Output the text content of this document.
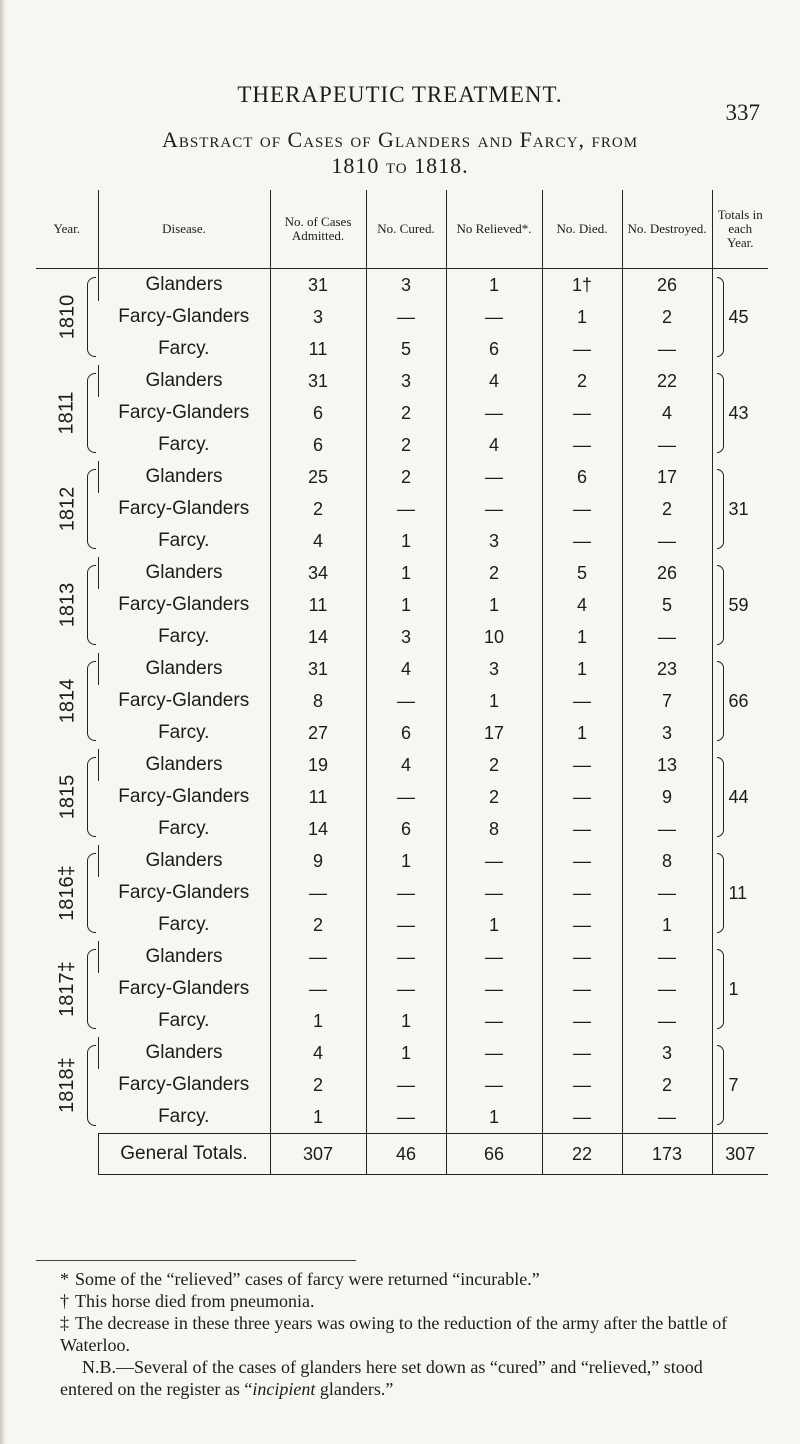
THERAPEUTIC TREATMENT.
337
Abstract of Cases of Glanders and Farcy, from
1810 to 1818.
Year.	Disease.	No. of Cases Admitted.	No. Cured.	No Relieved*.	No. Died.	No. Destroyed.	Totals in each Year.
1810	Glanders	31	3	1	1†	26	45

	Farcy-Glanders	3	—	—	1	2	
	Farcy.	11	5	6	—	—	
1811	Glanders	31	3	4	2	22	43

	Farcy-Glanders	6	2	—	—	4	
	Farcy.	6	2	4	—	—	
1812	Glanders	25	2	—	6	17	31

	Farcy-Glanders	2	—	—	—	2	
	Farcy.	4	1	3	—	—	
1813	Glanders	34	1	2	5	26	59

	Farcy-Glanders	11	1	1	4	5	
	Farcy.	14	3	10	1	—	
1814	Glanders	31	4	3	1	23	66

	Farcy-Glanders	8	—	1	—	7	
	Farcy.	27	6	17	1	3	
1815	Glanders	19	4	2	—	13	44

	Farcy-Glanders	11	—	2	—	9	
	Farcy.	14	6	8	—	—	
1816‡	Glanders	9	1	—	—	8	11

	Farcy-Glanders	—	—	—	—	—	
	Farcy.	2	—	1	—	1	
1817‡	Glanders	—	—	—	—	—	1

	Farcy-Glanders	—	—	—	—	—	
	Farcy.	1	1	—	—	—	
1818‡	Glanders	4	1	—	—	3	7

	Farcy-Glanders	2	—	—	—	2	
	Farcy.	1	—	1	—	—	
	General Totals.	307	46	66	22	173	307

* Some of the “relieved” cases of farcy were returned “incurable.”

† This horse died from pneumonia.

‡ The decrease in these three years was owing to the reduction of the army after the battle of Waterloo.

N.B.—Several of the cases of glanders here set down as “cured” and “relieved,” stood entered on the register as “incipient glanders.”
